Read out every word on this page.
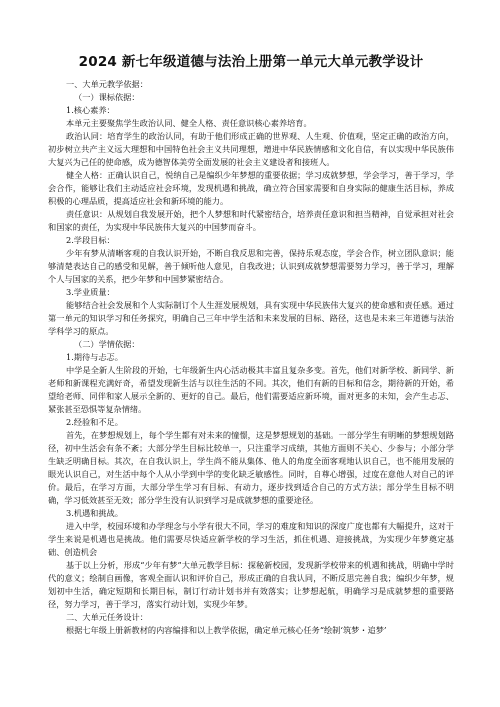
2024 新七年级道德与法治上册第一单元大单元教学设计

一、大单元教学依据：

（一）课标依据：

1.核心素养：

本单元主要聚焦学生政治认同、健全人格、责任意识核心素养培育。

政治认同：培育学生的政治认同，有助于他们形成正确的世界观、人生观、价值观，坚定正确的政治方向，初步树立共产主义远大理想和中国特色社会主义共同理想，增进中华民族情感和文化自信，有以实现中华民族伟大复兴为己任的使命感，成为德智体美劳全面发展的社会主义建设者和接班人。

健全人格：正确认识自己，悦纳自己是编织少年梦想的重要依据；学习成就梦想，学会学习，善于学习，学会合作，能够让我们主动适应社会环境，发现机遇和挑战，确立符合国家需要和自身实际的健康生活目标，养成积极的心理品质，提高适应社会和新环境的能力。

责任意识：从规划自我发展开始，把个人梦想和时代紧密结合，培养责任意识和担当精神，自觉承担对社会和国家的责任，为实现中华民族伟大复兴的中国梦而奋斗。

2.学段目标：

少年有梦从清晰客观的自我认识开始，不断自我反思和完善，保持乐观态度，学会合作，树立团队意识；能够清楚表达自己的感受和见解，善于倾听他人意见，自我改进；认识到成就梦想需要努力学习，善于学习，理解个人与国家的关系，把少年梦和中国梦紧密结合。

3.学业质量：

能够结合社会发展和个人实际制订个人生涯发展规划，具有实现中华民族伟大复兴的使命感和责任感。通过第一单元的知识学习和任务探究，明确自己三年中学生活和未来发展的目标、路径，这也是未来三年道德与法治学科学习的原点。

（二）学情依据：

1.期待与忐忑。

中学是全新人生阶段的开始，七年级新生内心活动极其丰富且复杂多变。首先，他们对新学校、新同学、新老师和新课程充满好奇，希望发现新生活与以往生活的不同。其次，他们有新的目标和信念，期待新的开始，希望给老师、同伴和家人展示全新的、更好的自己。最后，他们需要适应新环境，面对更多的未知，会产生忐忑、紧张甚至恐惧等复杂情绪。

2.经验和不足。

首先，在梦想规划上，每个学生都有对未来的憧憬，这是梦想规划的基础。一部分学生有明晰的梦想规划路径，初中生活会有条不紊；大部分学生目标比较单一，只注重学习成绩，其他方面则不关心、少参与；小部分学生缺乏明确目标。其次，在自我认识上，学生尚不能从集体、他人的角度全面客观地认识自己，也不能用发展的眼光认识自己，对生活中每个人从小学到中学的变化缺乏敏感性。同时，自尊心增强，过度在意他人对自己的评价。最后，在学习方面，大部分学生学习有目标、有动力，逐步找到适合自己的方式方法；部分学生目标不明确，学习低效甚至无效；部分学生没有认识到学习是成就梦想的重要途径。

3.机遇和挑战。

进入中学，校园环境和办学理念与小学有很大不同，学习的难度和知识的深度广度也都有大幅提升，这对于学生来说是机遇也是挑战。他们需要尽快适应新学校的学习生活，抓住机遇、迎接挑战，为实现少年梦奠定基础、创造机会

基于以上分析，形成“少年有梦”大单元教学目标：探秘新校园，发现新学校带来的机遇和挑战，明确中学时代的意义；绘制自画像，客观全面认识和评价自己，形成正确的自我认同，不断反思完善自我；编织少年梦，规划初中生活，确定短期和长期目标，制订行动计划书并有效落实；让梦想起航，明确学习是成就梦想的重要路径，努力学习，善于学习，落实行动计划，实现少年梦。

二、大单元任务设计：

根据七年级上册新教材的内容编排和以上教学依据，确定单元核心任务“绘制‘筑梦・追梦’
